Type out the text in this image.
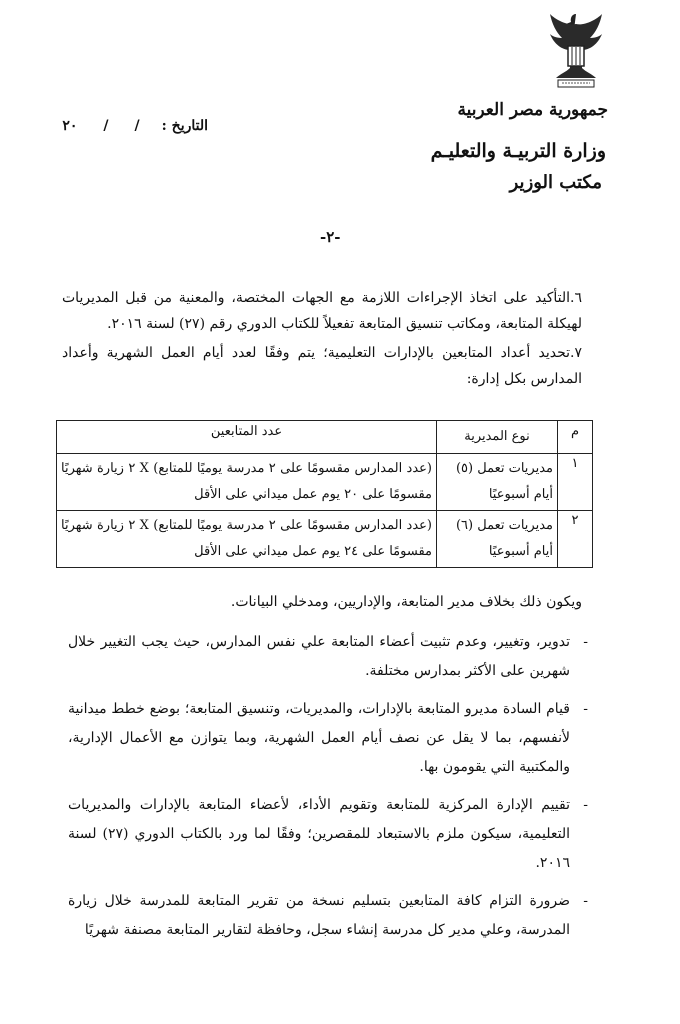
جمهورية مصر العربية
وزارة التربيـة والتعليـم
مكتب الوزير
التاريخ ://٢٠
-٢-
٦.التأكيد على اتخاذ الإجراءات اللازمة مع الجهات المختصة، والمعنية من قبل المديريات لهيكلة المتابعة، ومكاتب تنسيق المتابعة تفعيلاً للكتاب الدوري رقم (٢٧) لسنة ٢٠١٦.
٧.تحديد أعداد المتابعين بالإدارات التعليمية؛ يتم وفقًا لعدد أيام العمل الشهرية وأعداد المدارس بكل إدارة:
م	نوع المديرية	عدد المتابعين
١	مديريات تعمل (٥) أيام أسبوعيًا	(عدد المدارس مقسومًا على ٢ مدرسة يوميًا للمتابع) X ٢ زيارة شهريًا مقسومًا على ٢٠ يوم عمل ميداني على الأقل
٢	مديريات تعمل (٦) أيام أسبوعيًا	(عدد المدارس مقسومًا على ٢ مدرسة يوميًا للمتابع) X ٢ زيارة شهريًا مقسومًا على ٢٤ يوم عمل ميداني على الأقل
ويكون ذلك بخلاف مدير المتابعة، والإداريين، ومدخلي البيانات.
-
تدوير، وتغيير، وعدم تثبيت أعضاء المتابعة علي نفس المدارس، حيث يجب التغيير خلال شهرين على الأكثر بمدارس مختلفة.
-
قيام السادة مديرو المتابعة بالإدارات، والمديريات، وتنسيق المتابعة؛ بوضع خطط ميدانية لأنفسهم، بما لا يقل عن نصف أيام العمل الشهرية، وبما يتوازن مع الأعمال الإدارية، والمكتبية التي يقومون بها.
-
تقييم الإدارة المركزية للمتابعة وتقويم الأداء، لأعضاء المتابعة بالإدارات والمديريات التعليمية، سيكون ملزم بالاستبعاد للمقصرين؛ وفقًا لما ورد بالكتاب الدوري (٢٧) لسنة ٢٠١٦.
-
ضرورة التزام كافة المتابعين بتسليم نسخة من تقرير المتابعة للمدرسة خلال زيارة المدرسة، وعلي مدير كل مدرسة إنشاء سجل، وحافظة لتقارير المتابعة مصنفة شهريًا
